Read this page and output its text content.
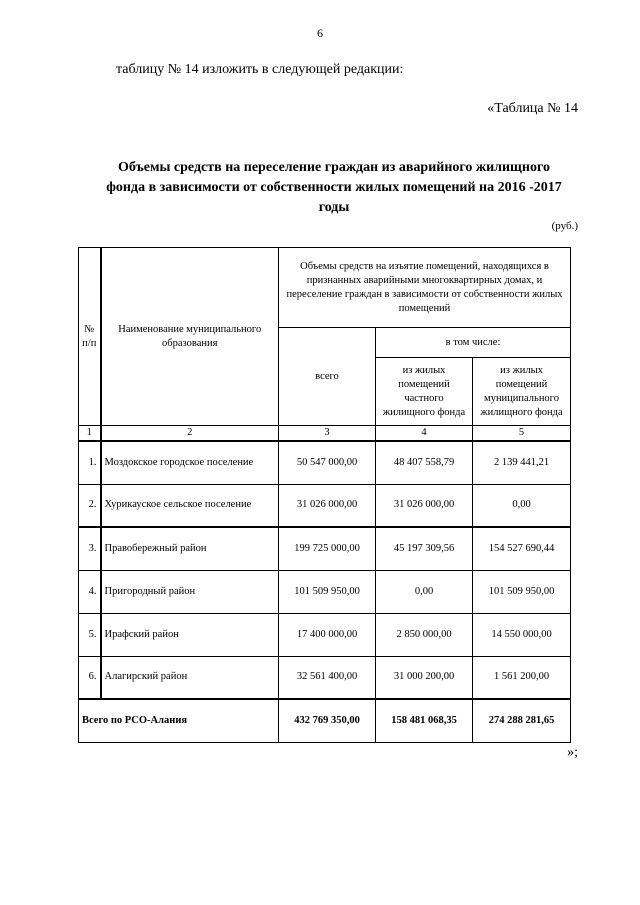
6
таблицу № 14 изложить в следующей редакции:
«Таблица № 14
Объемы средств на переселение граждан из аварийного жилищного
фонда в зависимости от собственности жилых помещений на 2016 -2017
годы
(руб.)
№ п/п	Наименование муниципального образования	Объемы средств на изъятие помещений, находящихся в признанных аварийными многоквартирных домах, и переселение граждан в зависимости от собственности жилых помещений		
		всего	в том числе:	
			из жилых помещений частного жилищного фонда	из жилых помещений муниципального жилищного фонда
1	2	3	4	5
1.	Моздокское городское поселение	50 547 000,00	48 407 558,79	2 139 441,21
2.	Хурикауское сельское поселение	31 026 000,00	31 026 000,00	0,00
3.	Правобережный район	199 725 000,00	45 197 309,56	154 527 690,44
4.	Пригородный район	101 509 950,00	0,00	101 509 950,00
5.	Ирафский район	17 400 000,00	2 850 000,00	14 550 000,00
6.	Алагирский район	32 561 400,00	31 000 200,00	1 561 200,00
Всего по РСО-Алания		432 769 350,00	158 481 068,35	274 288 281,65
»;
